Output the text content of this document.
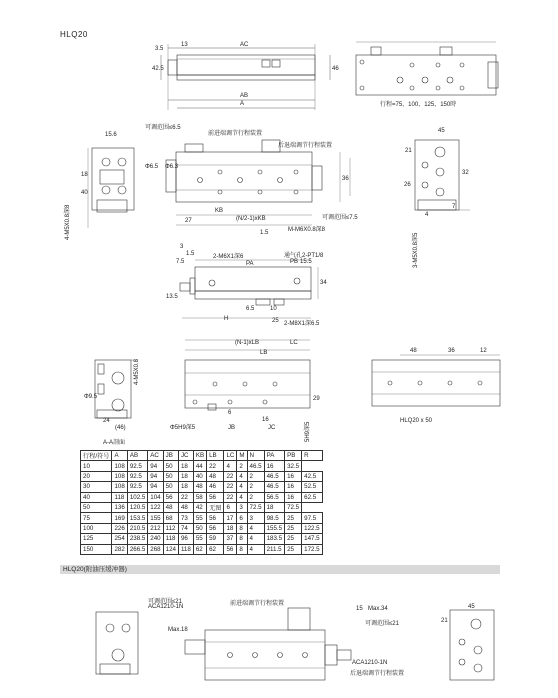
HLQ20
13	AC
3.5
42.5	46
AB
A	行程=75、100、125、150時
可调范围≤6.5
前进端调节行程装置
后退端调节行程装置
M-M6X0.8深8
可调范围≤7.5
15.6
Φ6.5
18
40
4-M5X0.8深8
Φ6.3
KB
(N/2-1)xKB
27
36
1.5
45
21
32
26
4
7
3-M5X0.8深5
2-M6X1深6	通气孔2-PT1/8
2-M8X1深6.5
3
1.5
7.5	PA	PB 15.5
13.5
34
H
6.5	10
25
(N-1)xLB	LC
LB
4-M5X0.8
Φ5H9深5	JB	JC
A-A剖面
Φ9.5
24
(46)
6
16
29
5H9深5
48	36	12
HLQ20 x 50
行程/符号	A	AB	AC	JB	JC	KB	LB	LC	M	N	PA	PB	R
10	108	92.5	94	50	18	44	22	4	2	46.5	16	32.5	
20	108	92.5	94	50	18	40	48	22	4	2	46.5	16	42.5
30	108	92.5	94	50	18	48	46	22	4	2	46.5	16	52.5
40	118	102.5	104	56	22	58	56	22	4	2	56.5	16	62.5
50	136	120.5	122	48	48	42	无图	6	3	72.5	18	72.5	
75	169	153.5	155	68	73	55	56	17	6	3	98.5	25	97.5
100	226	210.5	212	112	74	50	56	18	8	4	155.5	25	122.5
125	254	238.5	240	118	96	55	59	37	8	4	183.5	25	147.5
150	282	266.5	268	124	118	62	62	56	8	4	211.5	25	172.5
HLQ20(附油压缓冲器)
可调范围≤21
ACA1210-1N	前进端调节行程装置
Max.18
可调范围≤21
ACA1210-1N
后退端调节行程装置
15 Max.34	45
21
